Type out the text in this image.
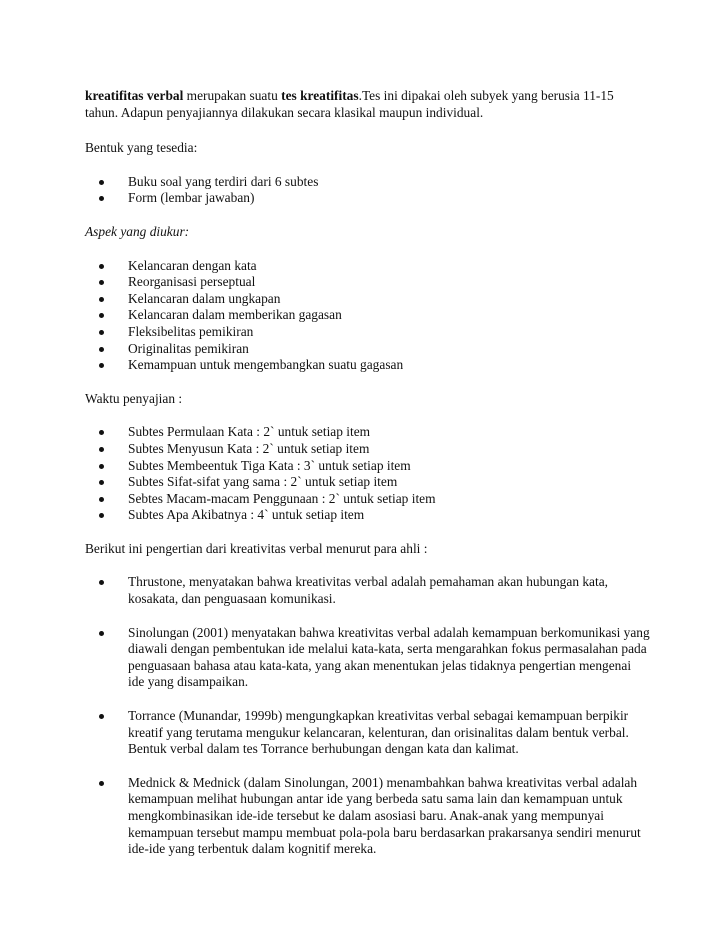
kreatifitas verbal merupakan suatu tes kreatifitas.Tes ini dipakai oleh subyek yang berusia 11-15 tahun. Adapun penyajiannya dilakukan secara klasikal maupun individual.

Bentuk yang tesedia:

Buku soal yang terdiri dari 6 subtes
Form (lembar jawaban)

Aspek yang diukur:

Kelancaran dengan kata
Reorganisasi perseptual
Kelancaran dalam ungkapan
Kelancaran dalam memberikan gagasan
Fleksibelitas pemikiran
Originalitas pemikiran
Kemampuan untuk mengembangkan suatu gagasan

Waktu penyajian :

Subtes Permulaan Kata : 2` untuk setiap item
Subtes Menyusun Kata : 2` untuk setiap item
Subtes Membeentuk Tiga Kata : 3` untuk setiap item
Subtes Sifat-sifat yang sama : 2` untuk setiap item
Sebtes Macam-macam Penggunaan : 2` untuk setiap item
Subtes Apa Akibatnya : 4` untuk setiap item

Berikut ini pengertian dari kreativitas verbal menurut para ahli :

Thrustone, menyatakan bahwa kreativitas verbal adalah pemahaman akan hubungan kata, kosakata, dan penguasaan komunikasi.
Sinolungan (2001) menyatakan bahwa kreativitas verbal adalah kemampuan berkomunikasi yang diawali dengan pembentukan ide melalui kata-kata, serta mengarahkan fokus permasalahan pada penguasaan bahasa atau kata-kata, yang akan menentukan jelas tidaknya pengertian mengenai ide yang disampaikan.
Torrance (Munandar, 1999b) mengungkapkan kreativitas verbal sebagai kemampuan berpikir kreatif yang terutama mengukur kelancaran, kelenturan, dan orisinalitas dalam bentuk verbal. Bentuk verbal dalam tes Torrance berhubungan dengan kata dan kalimat.
Mednick & Mednick (dalam Sinolungan, 2001) menambahkan bahwa kreativitas verbal adalah kemampuan melihat hubungan antar ide yang berbeda satu sama lain dan kemampuan untuk mengkombinasikan ide-ide tersebut ke dalam asosiasi baru. Anak-anak yang mempunyai kemampuan tersebut mampu membuat pola-pola baru berdasarkan prakarsanya sendiri menurut ide-ide yang terbentuk dalam kognitif mereka.
